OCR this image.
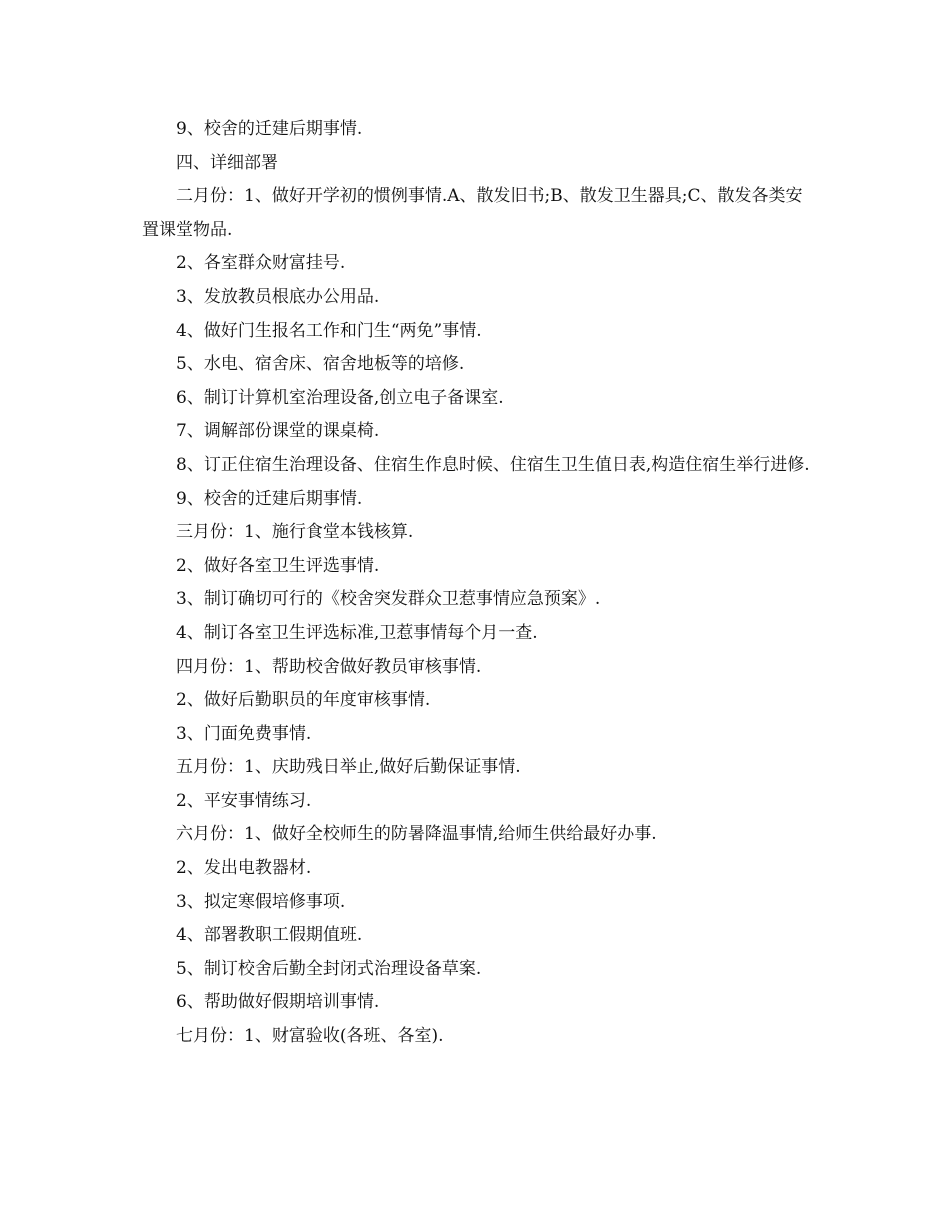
9、校舍的迁建后期事情.

四、详细部署

二月份：1、做好开学初的惯例事情.A、散发旧书;B、散发卫生器具;C、散发各类安置课堂物品.

2、各室群众财富挂号.

3、发放教员根底办公用品.

4、做好门生报名工作和门生“两免”事情.

5、水电、宿舍床、宿舍地板等的培修.

6、制订计算机室治理设备,创立电子备课室.

7、调解部份课堂的课桌椅.

8、订正住宿生治理设备、住宿生作息时候、住宿生卫生值日表,构造住宿生举行进修.

9、校舍的迁建后期事情.

三月份：1、施行食堂本钱核算.

2、做好各室卫生评选事情.

3、制订确切可行的《校舍突发群众卫惹事情应急预案》.

4、制订各室卫生评选标准,卫惹事情每个月一查.

四月份：1、帮助校舍做好教员审核事情.

2、做好后勤职员的年度审核事情.

3、门面免费事情.

五月份：1、庆助残日举止,做好后勤保证事情.

2、平安事情练习.

六月份：1、做好全校师生的防暑降温事情,给师生供给最好办事.

2、发出电教器材.

3、拟定寒假培修事项.

4、部署教职工假期值班.

5、制订校舍后勤全封闭式治理设备草案.

6、帮助做好假期培训事情.

七月份：1、财富验收(各班、各室).
